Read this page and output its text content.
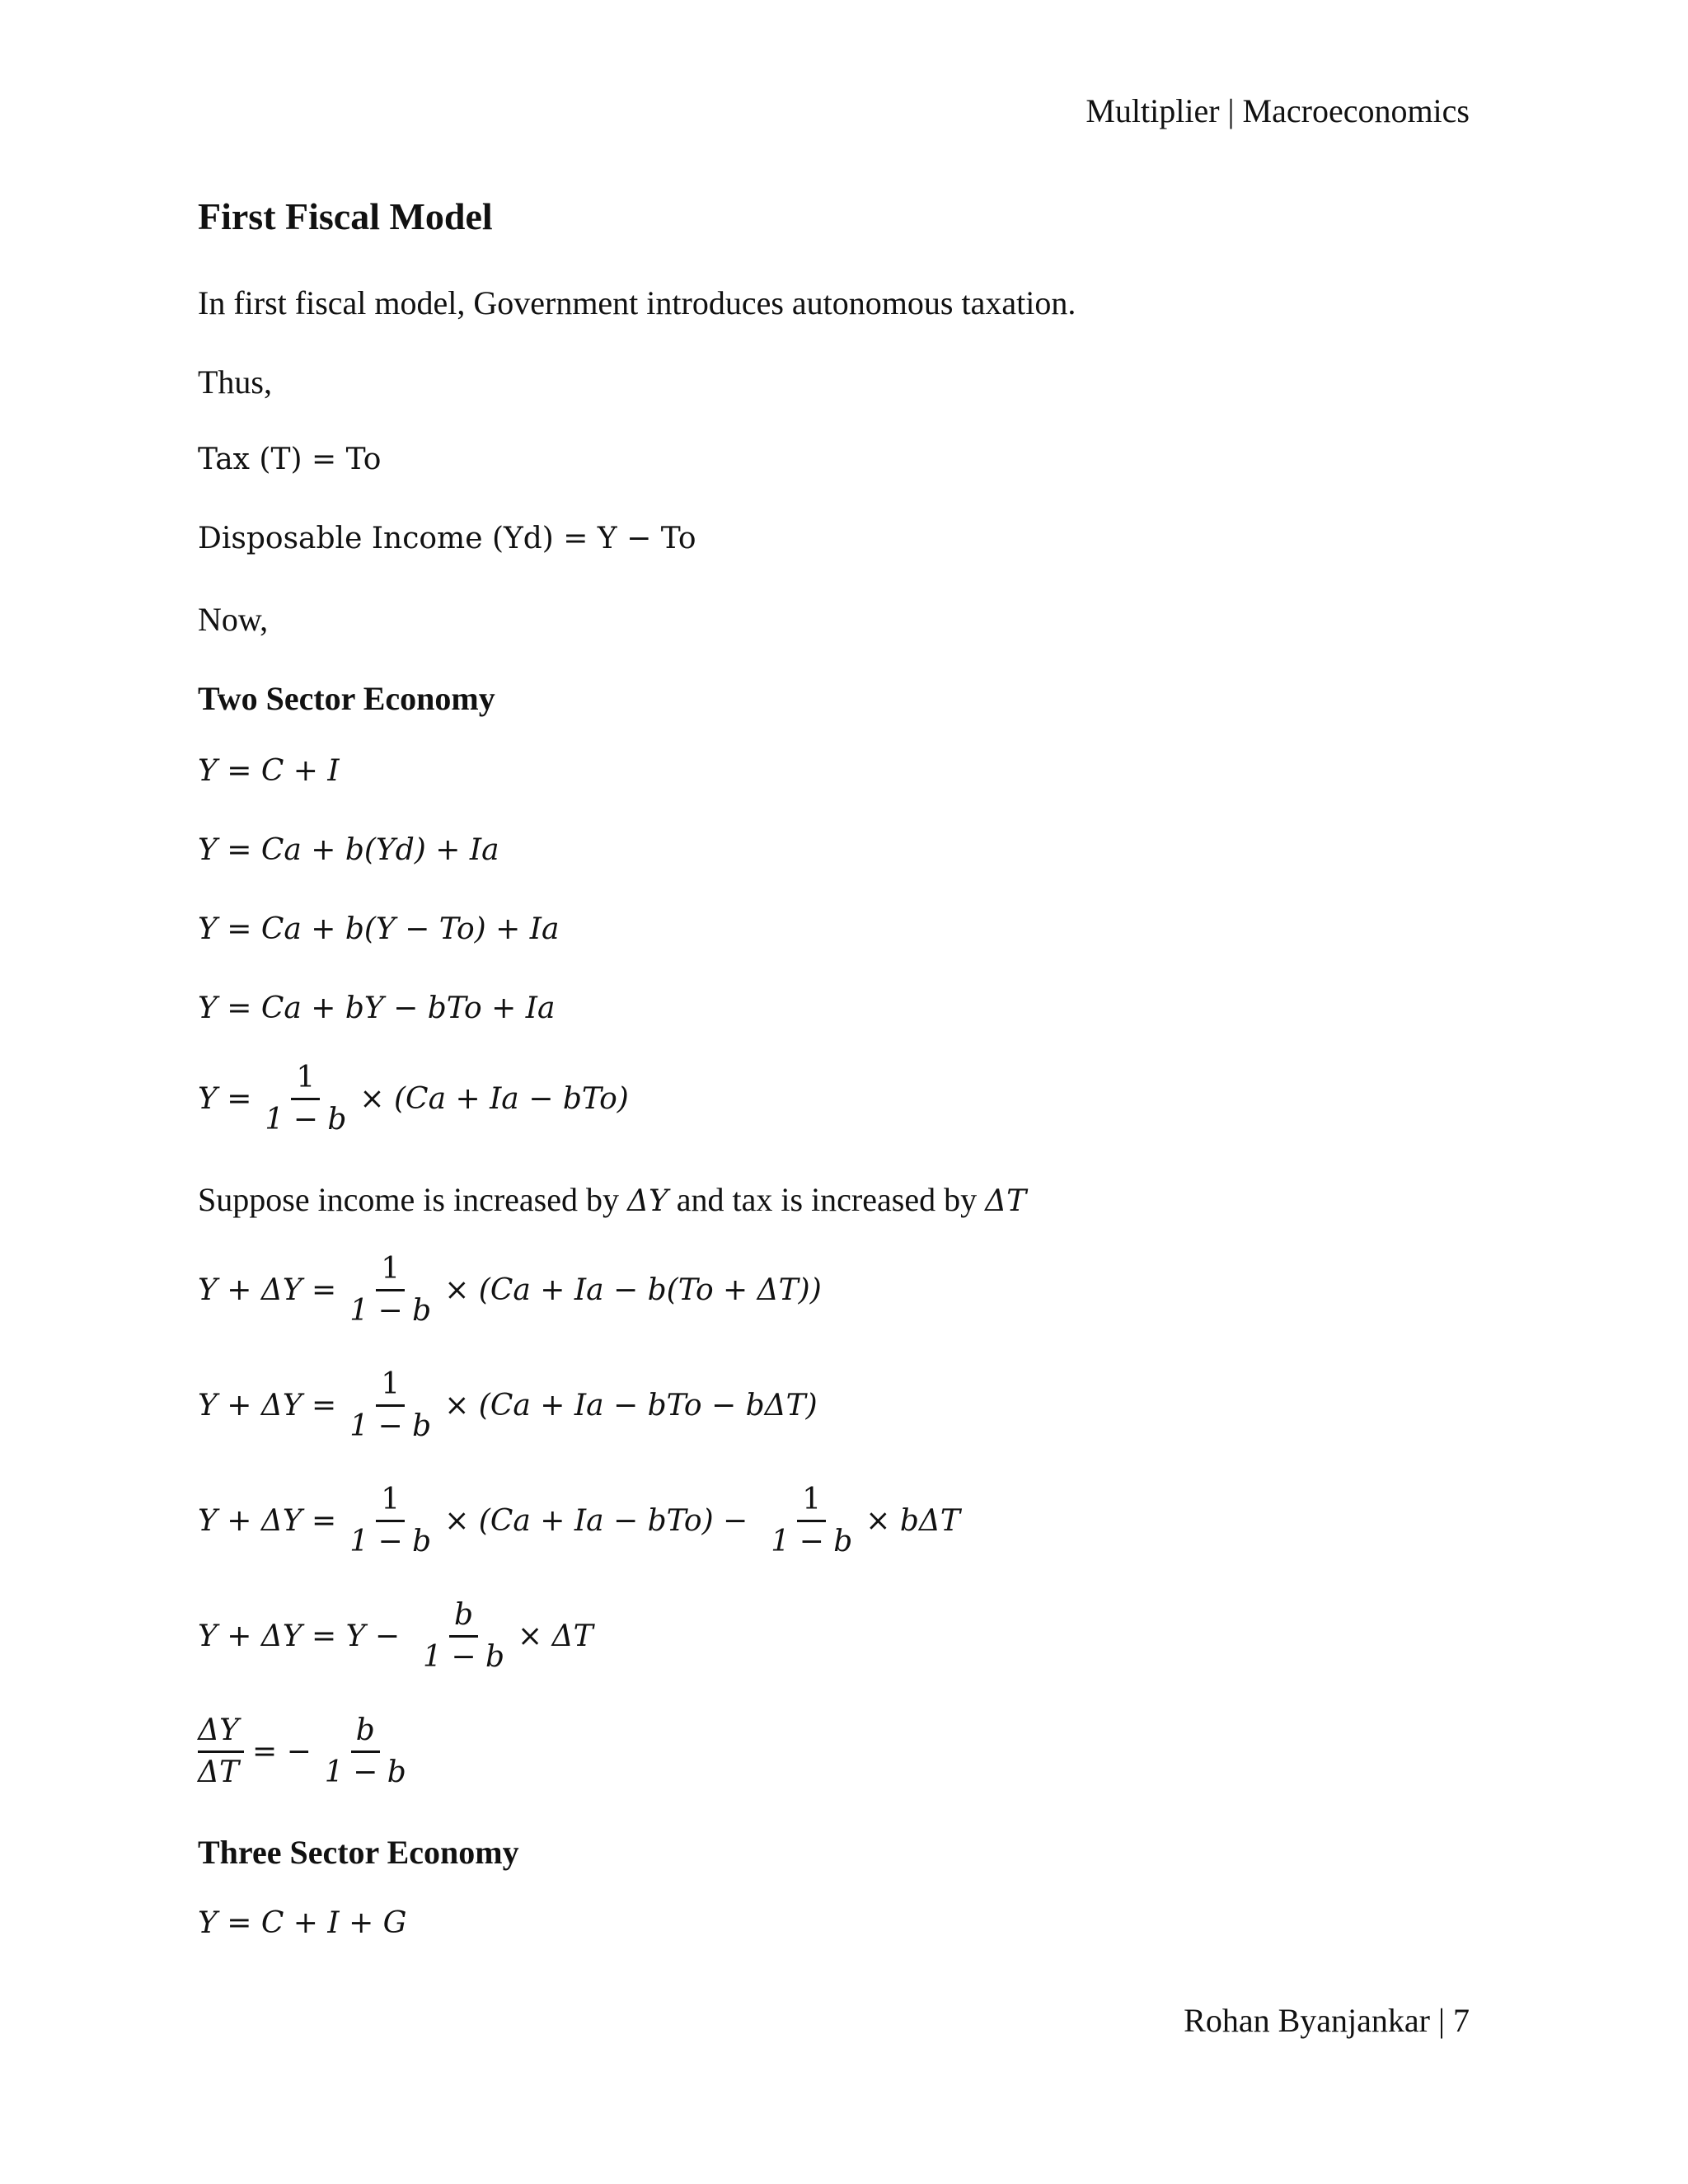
Multiplier | Macroeconomics
First Fiscal Model

In first fiscal model, Government introduces autonomous taxation.

Thus,

Tax (T) = To
Disposable Income (Yd) = Y − To

Now,

Two Sector Economy
Y = C + I
Y = Ca + b(Yd) + Ia
Y = Ca + b(Y − To) + Ia
Y = Ca + bY − bTo + Ia
$Y = \frac{1}{1 - b} \times (Ca + Ia - bTo)$

Suppose income is increased by ΔY and tax is increased by ΔT

$Y + \Delta Y = \frac{1}{1 - b} \times (Ca + Ia - b(To + \Delta T))$
$Y + \Delta Y = \frac{1}{1 - b} \times (Ca + Ia$ − bTo − bΔT)
$Y + \Delta Y = \frac{1}{1 - b} \times (Ca + Ia - bTo) - \frac{1}{1 - b} \times b\Delta T$
$Y + \Delta Y = Y - \frac{b}{1 - b} \times \Delta T$
$\frac{\Delta Y}{\Delta T}$ = − $\frac{b}{1 - b}$
Three Sector Economy
Y = C + I + G
Rohan Byanjankar | 7
